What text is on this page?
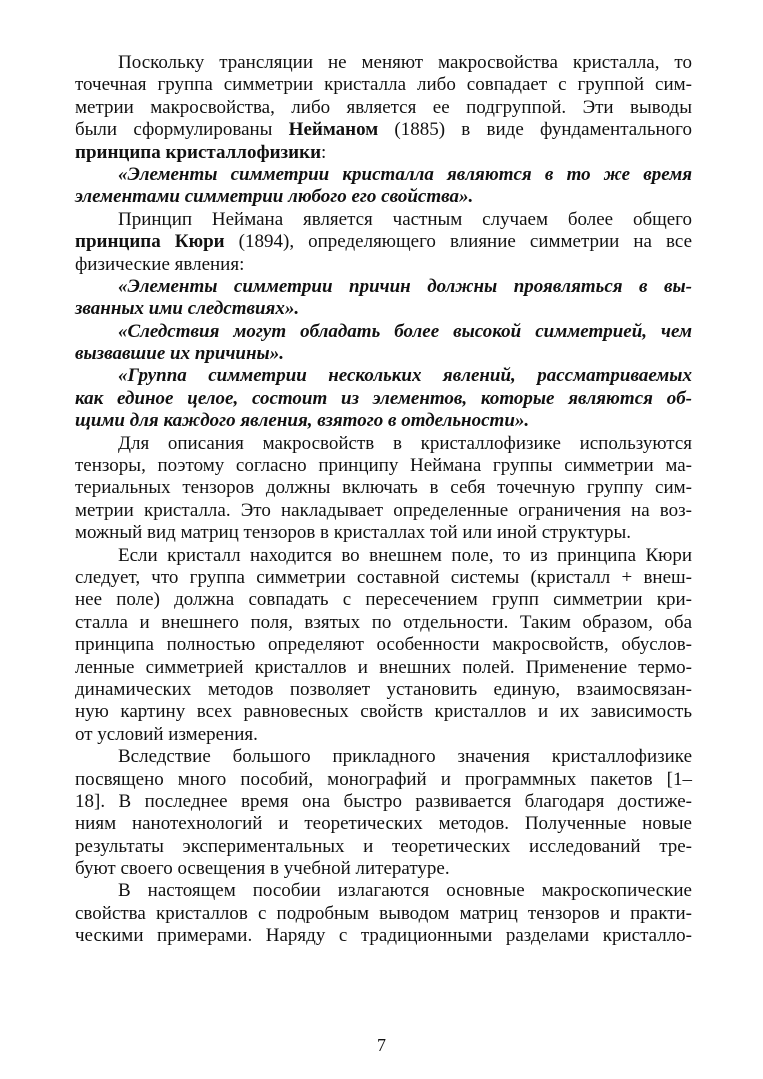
Поскольку трансляции не меняют макросвойства кристалла, то
точечная группа симметрии кристалла либо совпадает с группой сим-
метрии макросвойства, либо является ее подгруппой. Эти выводы
были сформулированы Нейманом (1885) в виде фундаментального
принципа кристаллофизики:
«Элементы симметрии кристалла являются в то же время
элементами симметрии любого его свойства».
Принцип Неймана является частным случаем более общего
принципа Кюри (1894), определяющего влияние симметрии на все
физические явления:
«Элементы симметрии причин должны проявляться в вы-
званных ими следствиях».
«Следствия могут обладать более высокой симметрией, чем
вызвавшие их причины».
«Группа симметрии нескольких явлений, рассматриваемых
как единое целое, состоит из элементов, которые являются об-
щими для каждого явления, взятого в отдельности».
Для описания макросвойств в кристаллофизике используются
тензоры, поэтому согласно принципу Неймана группы симметрии ма-
териальных тензоров должны включать в себя точечную группу сим-
метрии кристалла. Это накладывает определенные ограничения на воз-
можный вид матриц тензоров в кристаллах той или иной структуры.
Если кристалл находится во внешнем поле, то из принципа Кюри
следует, что группа симметрии составной системы (кристалл + внеш-
нее поле) должна совпадать с пересечением групп симметрии кри-
сталла и внешнего поля, взятых по отдельности. Таким образом, оба
принципа полностью определяют особенности макросвойств, обуслов-
ленные симметрией кристаллов и внешних полей. Применение термо-
динамических методов позволяет установить единую, взаимосвязан-
ную картину всех равновесных свойств кристаллов и их зависимость
от условий измерения.
Вследствие большого прикладного значения кристаллофизике
посвящено много пособий, монографий и программных пакетов [1–
18]. В последнее время она быстро развивается благодаря достиже-
ниям нанотехнологий и теоретических методов. Полученные новые
результаты экспериментальных и теоретических исследований тре-
буют своего освещения в учебной литературе.
В настоящем пособии излагаются основные макроскопические
свойства кристаллов с подробным выводом матриц тензоров и практи-
ческими примерами. Наряду с традиционными разделами кристалло-
7
